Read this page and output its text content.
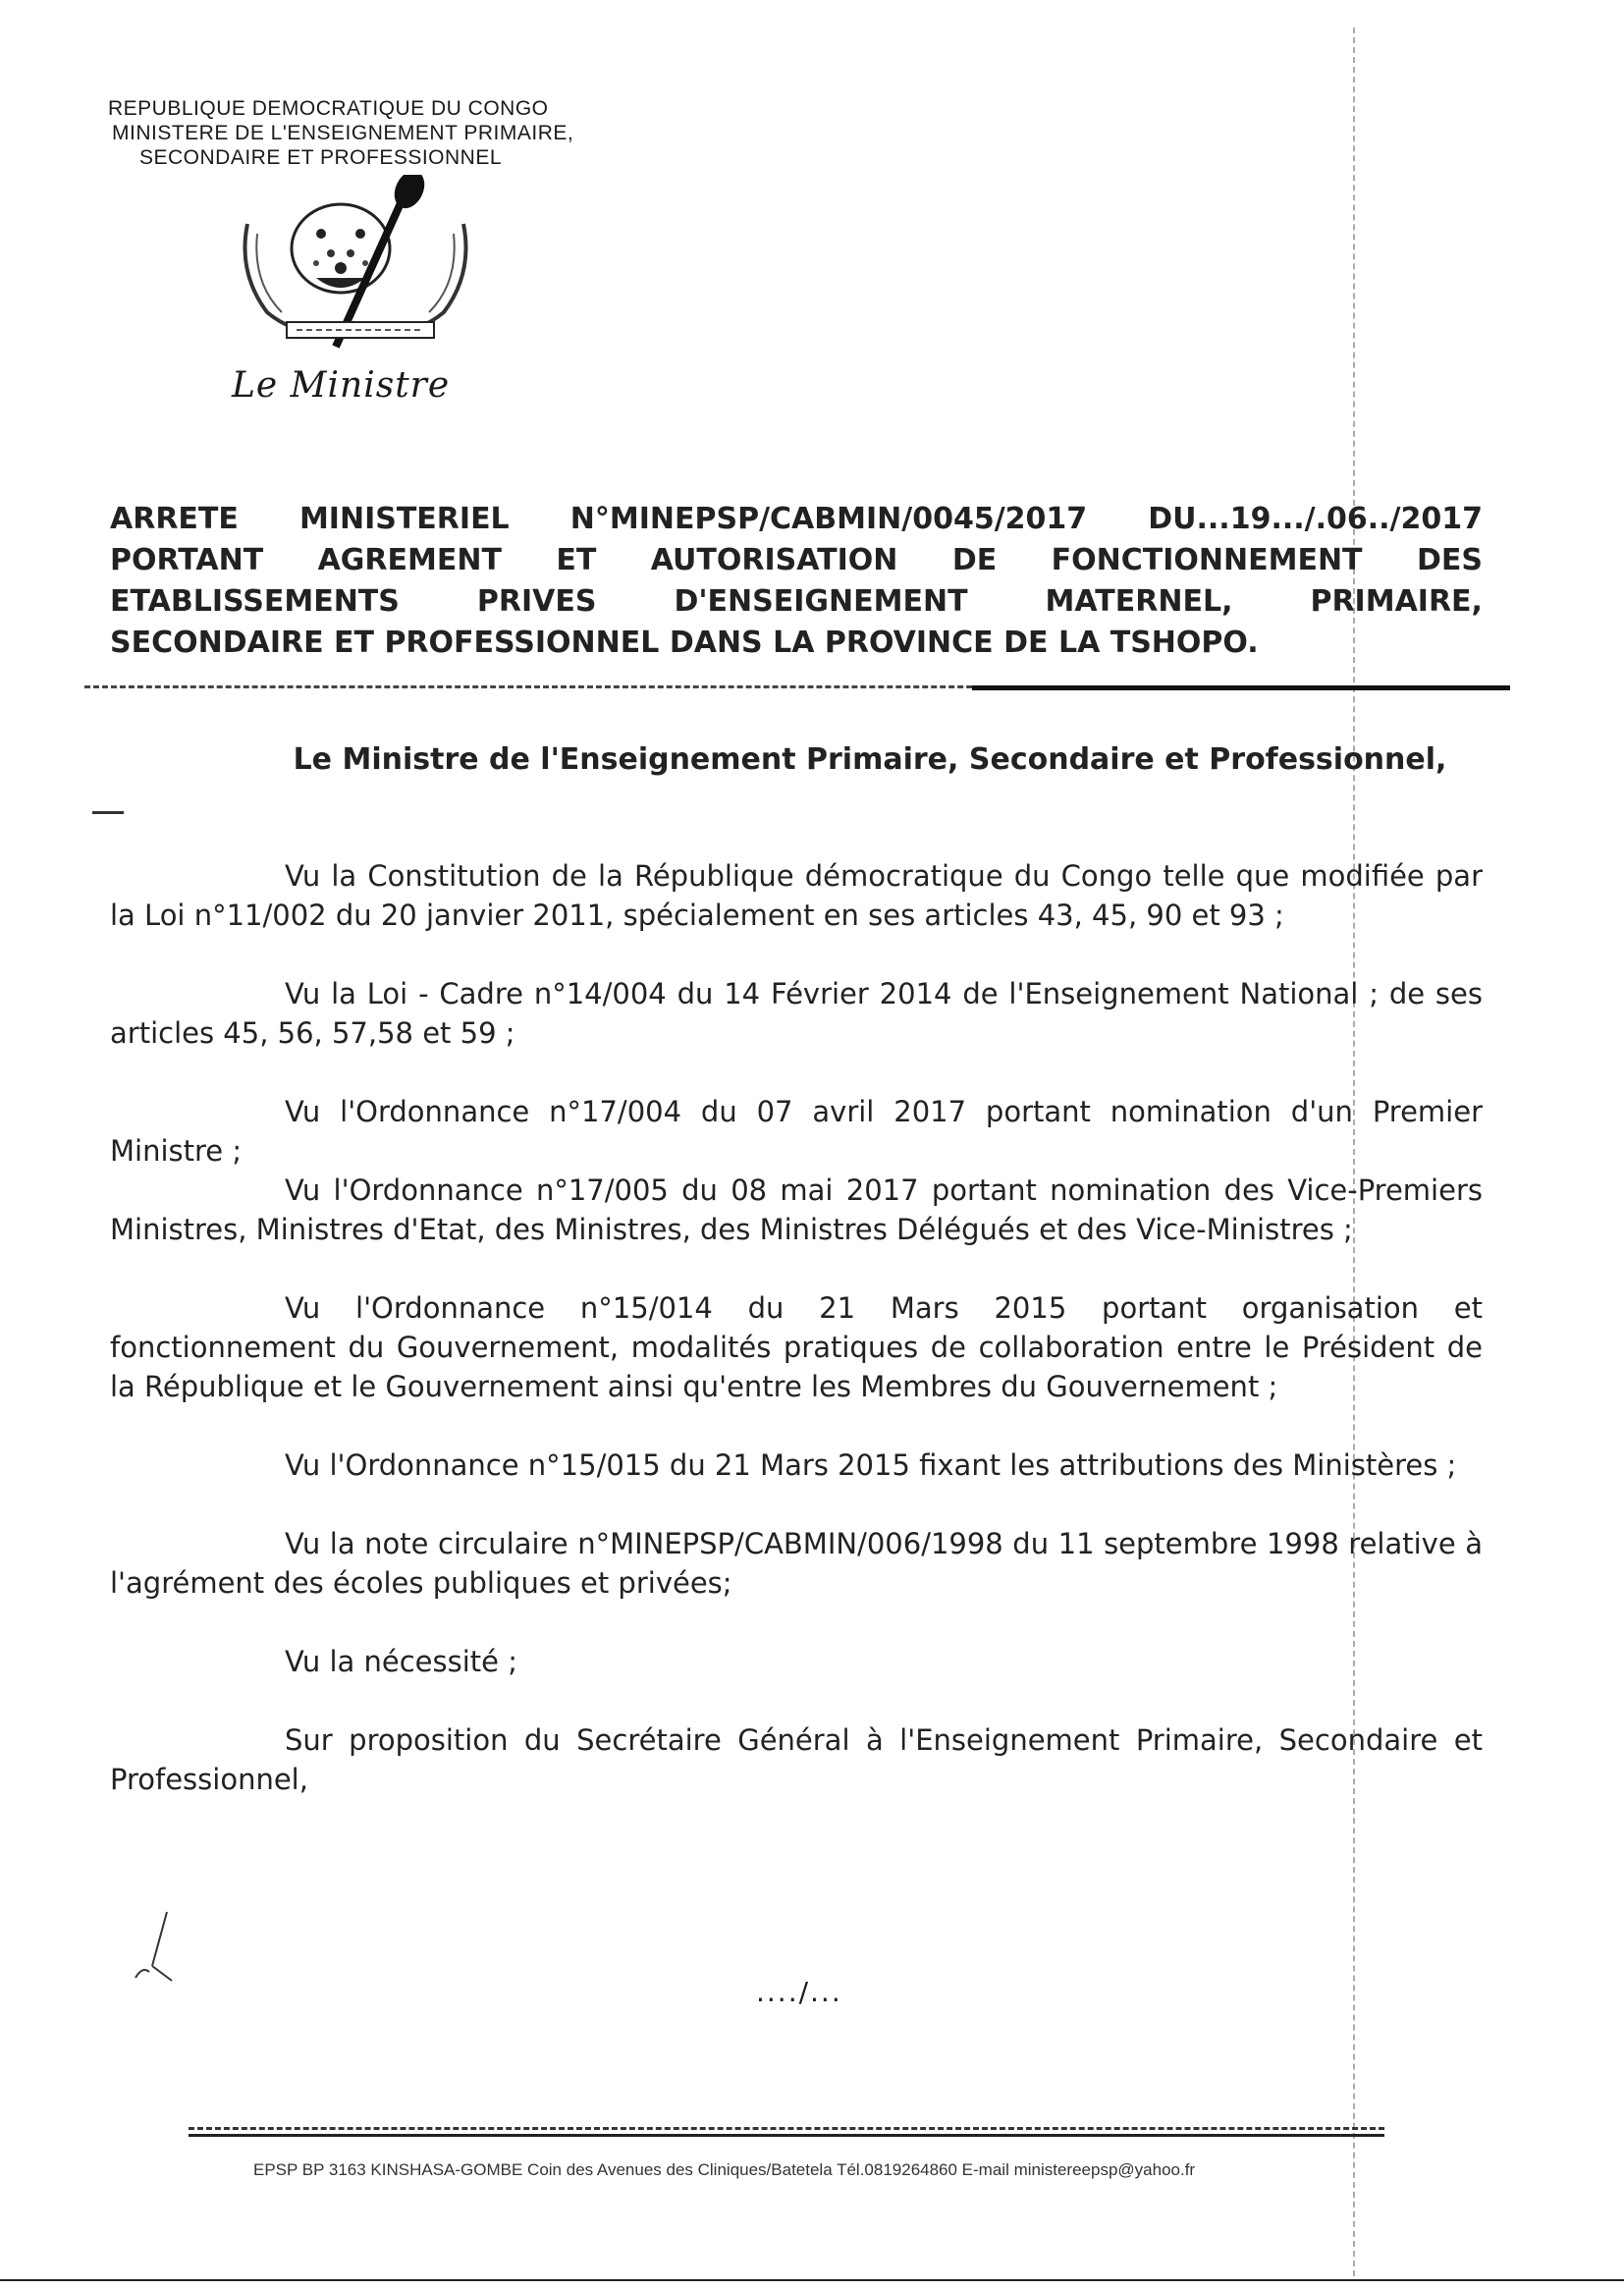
REPUBLIQUE DEMOCRATIQUE DU CONGO
MINISTERE DE L'ENSEIGNEMENT PRIMAIRE,
SECONDAIRE ET PROFESSIONNEL
Le Ministre
ARRETE MINISTERIEL N°MINEPSP/CABMIN/0045/2017 DU...19.../.06../2017
PORTANT AGREMENT ET AUTORISATION DE FONCTIONNEMENT DES
ETABLISSEMENTS	PRIVES	D'ENSEIGNEMENT	MATERNEL,	PRIMAIRE,
SECONDAIRE ET PROFESSIONNEL DANS LA PROVINCE DE LA TSHOPO.
Le Ministre de l'Enseignement Primaire, Secondaire et Professionnel,

Vu la Constitution de la République démocratique du Congo telle que modifiée par la Loi n°11/002 du 20 janvier 2011, spécialement en ses articles 43, 45, 90 et 93 ;

Vu la Loi - Cadre n°14/004 du 14 Février 2014 de l'Enseignement National ; de ses articles 45, 56, 57,58 et 59 ;

Vu l'Ordonnance n°17/004 du 07 avril 2017 portant nomination d'un Premier Ministre ;

Vu l'Ordonnance n°17/005 du 08 mai 2017 portant nomination des Vice-Premiers Ministres, Ministres d'Etat, des Ministres, des Ministres Délégués et des Vice-Ministres ;

Vu l'Ordonnance n°15/014 du 21 Mars 2015 portant organisation et fonctionnement du Gouvernement, modalités pratiques de collaboration entre le Président de la République et le Gouvernement ainsi qu'entre les Membres du Gouvernement ;

Vu l'Ordonnance n°15/015 du 21 Mars 2015 fixant les attributions des Ministères ;

Vu la note circulaire n°MINEPSP/CABMIN/006/1998 du 11 septembre 1998 relative à l'agrément des écoles publiques et privées;

Vu la nécessité ;

Sur proposition du Secrétaire Général à l'Enseignement Primaire, Secondaire et Professionnel,

..../...
EPSP BP 3163 KINSHASA-GOMBE Coin des Avenues des Cliniques/Batetela Tél.0819264860 E-mail ministereepsp@yahoo.fr
